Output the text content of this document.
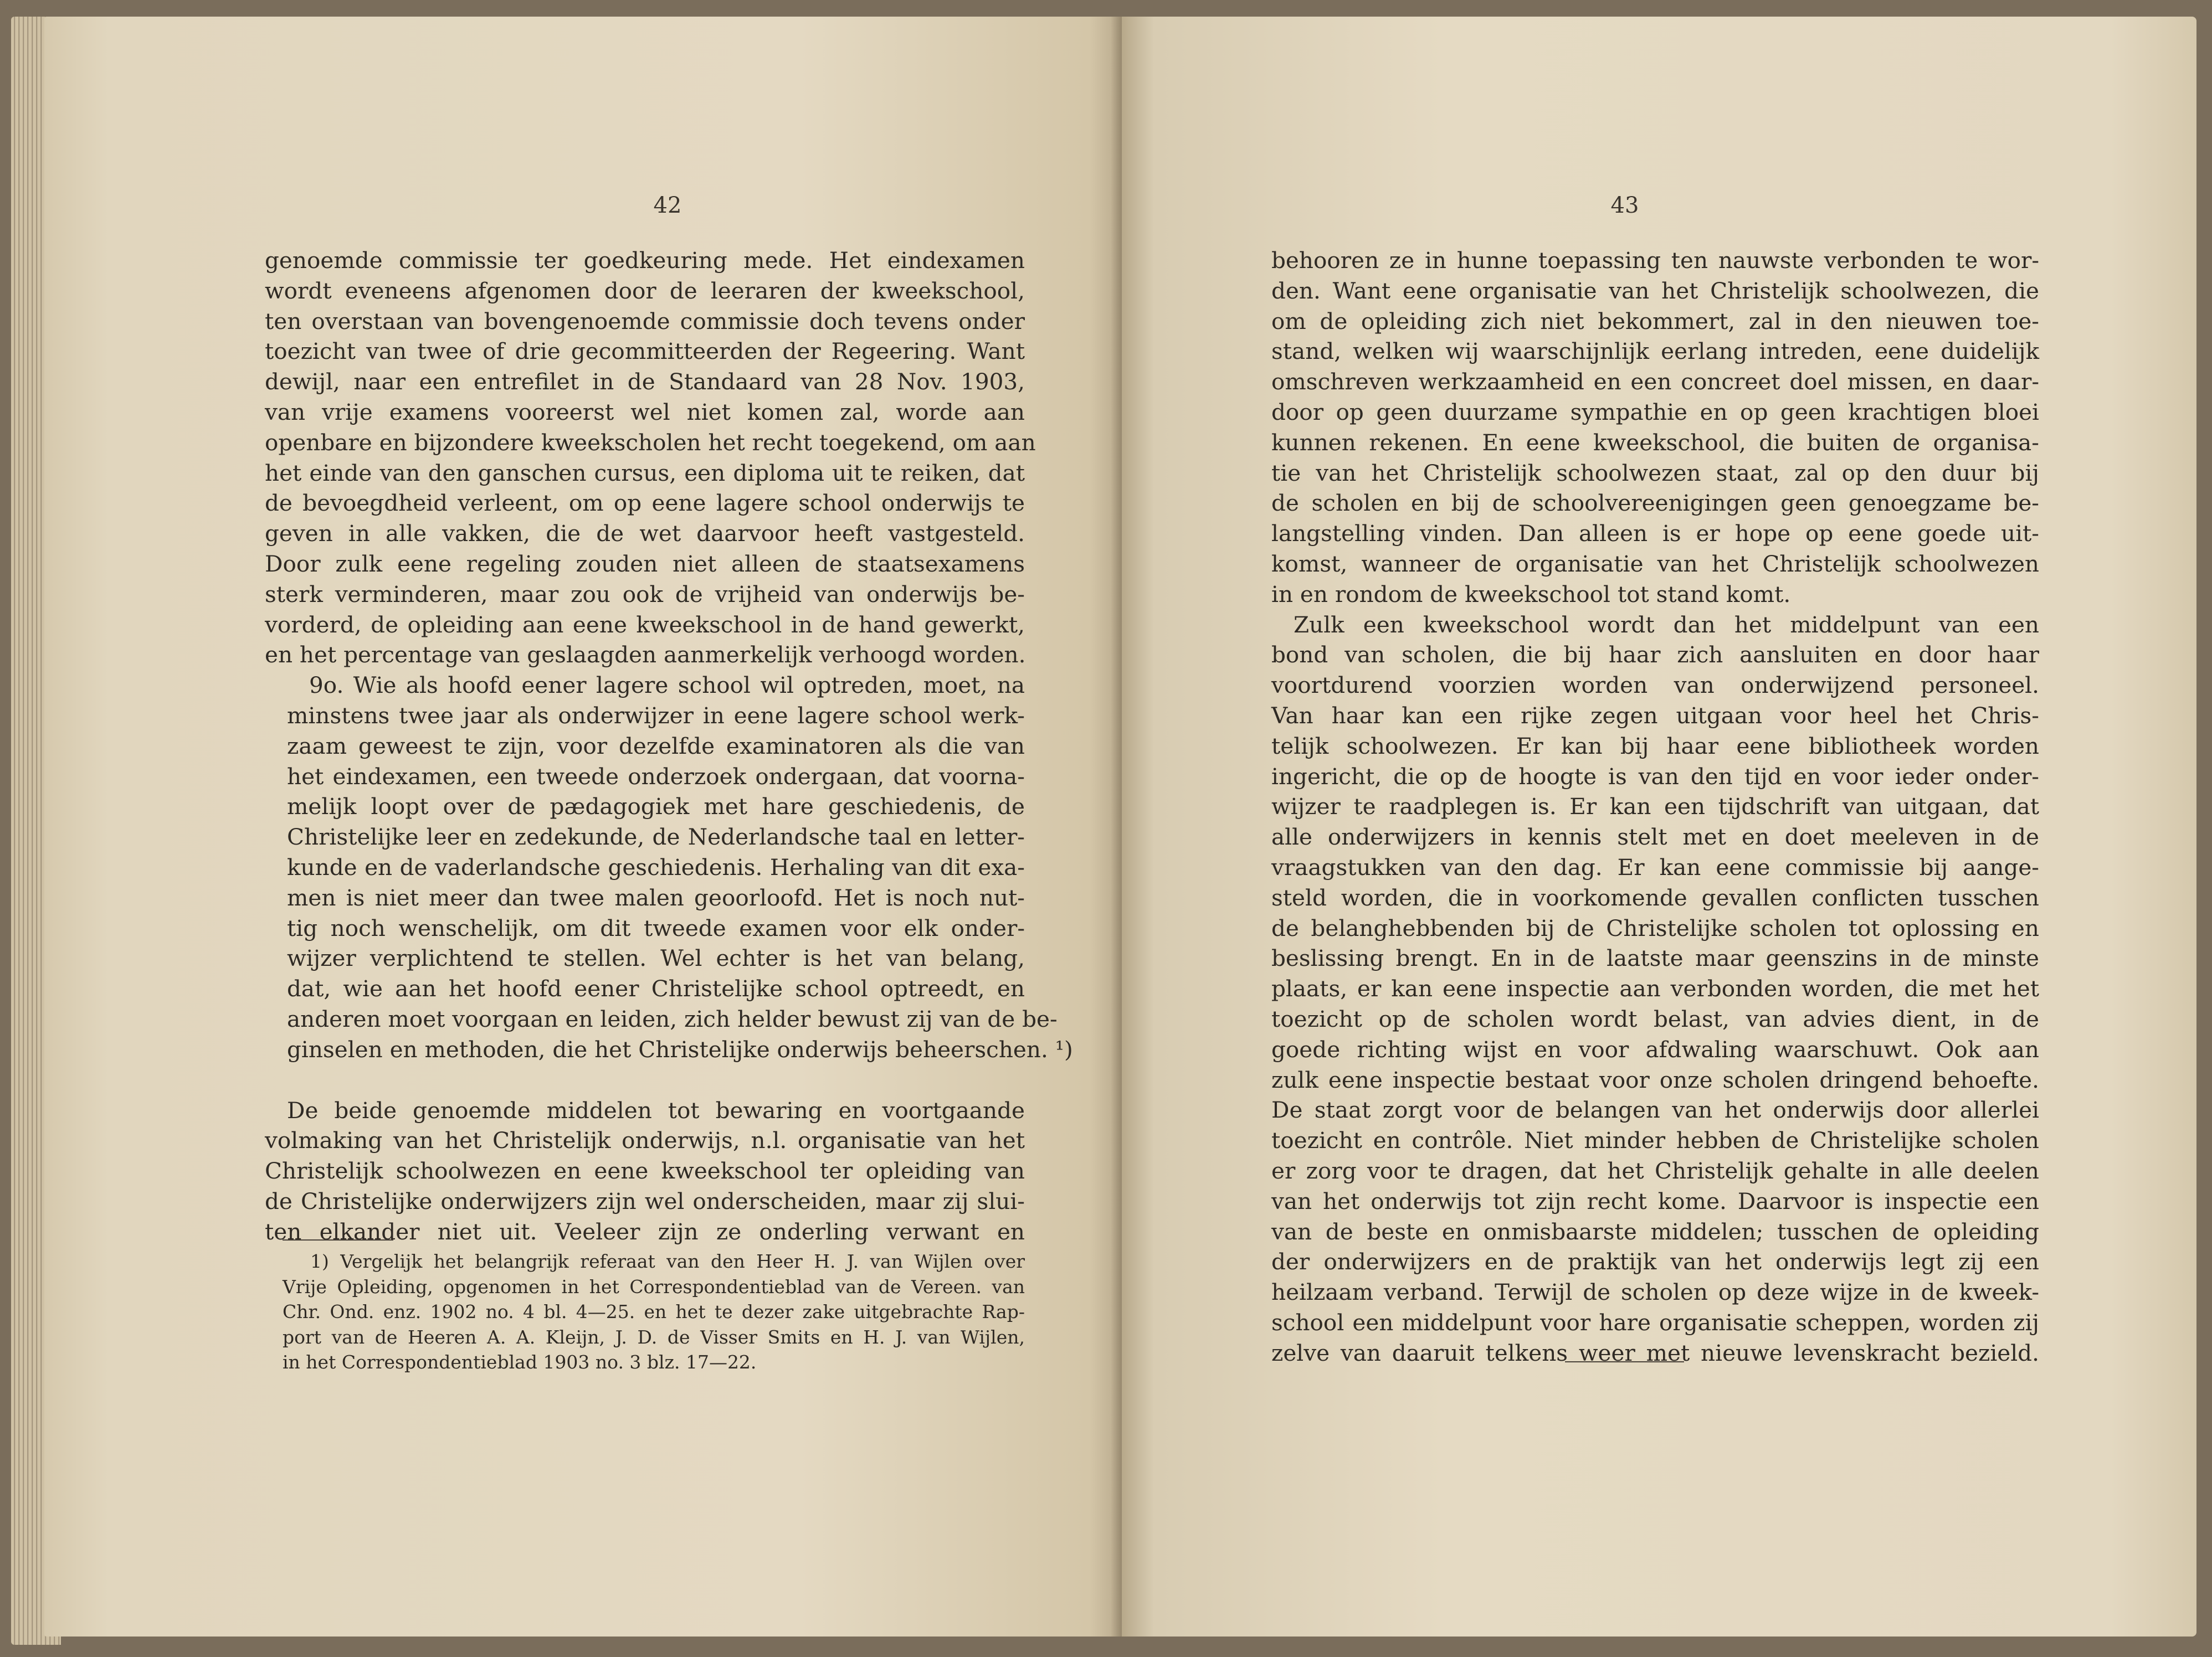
42

genoemde commissie ter goedkeuring mede. Het eindexamen
wordt eveneens afgenomen door de leeraren der kweekschool,
ten overstaan van bovengenoemde commissie doch tevens onder
toezicht van twee of drie gecommitteerden der Regeering. Want
dewijl, naar een entrefilet in de Standaard van 28 Nov. 1903,
van vrije examens vooreerst wel niet komen zal, worde aan
openbare en bijzondere kweekscholen het recht toegekend, om aan
het einde van den ganschen cursus, een diploma uit te reiken, dat
de bevoegdheid verleent, om op eene lagere school onderwijs te
geven in alle vakken, die de wet daarvoor heeft vastgesteld.
Door zulk eene regeling zouden niet alleen de staatsexamens
sterk verminderen, maar zou ook de vrijheid van onderwijs be-
vorderd, de opleiding aan eene kweekschool in de hand gewerkt,
en het percentage van geslaagden aanmerkelijk verhoogd worden.

9o. Wie als hoofd eener lagere school wil optreden, moet, na
minstens twee jaar als onderwijzer in eene lagere school werk-
zaam geweest te zijn, voor dezelfde examinatoren als die van
het eindexamen, een tweede onderzoek ondergaan, dat voorna-
melijk loopt over de pædagogiek met hare geschiedenis, de
Christelijke leer en zedekunde, de Nederlandsche taal en letter-
kunde en de vaderlandsche geschiedenis. Herhaling van dit exa-
men is niet meer dan twee malen geoorloofd. Het is noch nut-
tig noch wenschelijk, om dit tweede examen voor elk onder-
wijzer verplichtend te stellen. Wel echter is het van belang,
dat, wie aan het hoofd eener Christelijke school optreedt, en
anderen moet voorgaan en leiden, zich helder bewust zij van de be-
ginselen en methoden, die het Christelijke onderwijs beheerschen. ¹)

De beide genoemde middelen tot bewaring en voortgaande
volmaking van het Christelijk onderwijs, n.l. organisatie van het
Christelijk schoolwezen en eene kweekschool ter opleiding van
de Christelijke onderwijzers zijn wel onderscheiden, maar zij slui-
ten elkander niet uit. Veeleer zijn ze onderling verwant en

1) Vergelijk het belangrijk referaat van den Heer H. J. van Wijlen over
Vrije Opleiding, opgenomen in het Correspondentieblad van de Vereen. van
Chr. Ond. enz. 1902 no. 4 bl. 4—25. en het te dezer zake uitgebrachte Rap-
port van de Heeren A. A. Kleijn, J. D. de Visser Smits en H. J. van Wijlen,
in het Correspondentieblad 1903 no. 3 blz. 17—22.

43

behooren ze in hunne toepassing ten nauwste verbonden te wor-
den. Want eene organisatie van het Christelijk schoolwezen, die
om de opleiding zich niet bekommert, zal in den nieuwen toe-
stand, welken wij waarschijnlijk eerlang intreden, eene duidelijk
omschreven werkzaamheid en een concreet doel missen, en daar-
door op geen duurzame sympathie en op geen krachtigen bloei
kunnen rekenen. En eene kweekschool, die buiten de organisa-
tie van het Christelijk schoolwezen staat, zal op den duur bij
de scholen en bij de schoolvereenigingen geen genoegzame be-
langstelling vinden. Dan alleen is er hope op eene goede uit-
komst, wanneer de organisatie van het Christelijk schoolwezen
in en rondom de kweekschool tot stand komt.

Zulk een kweekschool wordt dan het middelpunt van een
bond van scholen, die bij haar zich aansluiten en door haar
voortdurend voorzien worden van onderwijzend personeel.
Van haar kan een rijke zegen uitgaan voor heel het Chris-
telijk schoolwezen. Er kan bij haar eene bibliotheek worden
ingericht, die op de hoogte is van den tijd en voor ieder onder-
wijzer te raadplegen is. Er kan een tijdschrift van uitgaan, dat
alle onderwijzers in kennis stelt met en doet meeleven in de
vraagstukken van den dag. Er kan eene commissie bij aange-
steld worden, die in voorkomende gevallen conflicten tusschen
de belanghebbenden bij de Christelijke scholen tot oplossing en
beslissing brengt. En in de laatste maar geenszins in de minste
plaats, er kan eene inspectie aan verbonden worden, die met het
toezicht op de scholen wordt belast, van advies dient, in de
goede richting wijst en voor afdwaling waarschuwt. Ook aan
zulk eene inspectie bestaat voor onze scholen dringend behoefte.
De staat zorgt voor de belangen van het onderwijs door allerlei
toezicht en contrôle. Niet minder hebben de Christelijke scholen
er zorg voor te dragen, dat het Christelijk gehalte in alle deelen
van het onderwijs tot zijn recht kome. Daarvoor is inspectie een
van de beste en onmisbaarste middelen; tusschen de opleiding
der onderwijzers en de praktijk van het onderwijs legt zij een
heilzaam verband. Terwijl de scholen op deze wijze in de kweek-
school een middelpunt voor hare organisatie scheppen, worden zij
zelve van daaruit telkens weer met nieuwe levenskracht bezield.
